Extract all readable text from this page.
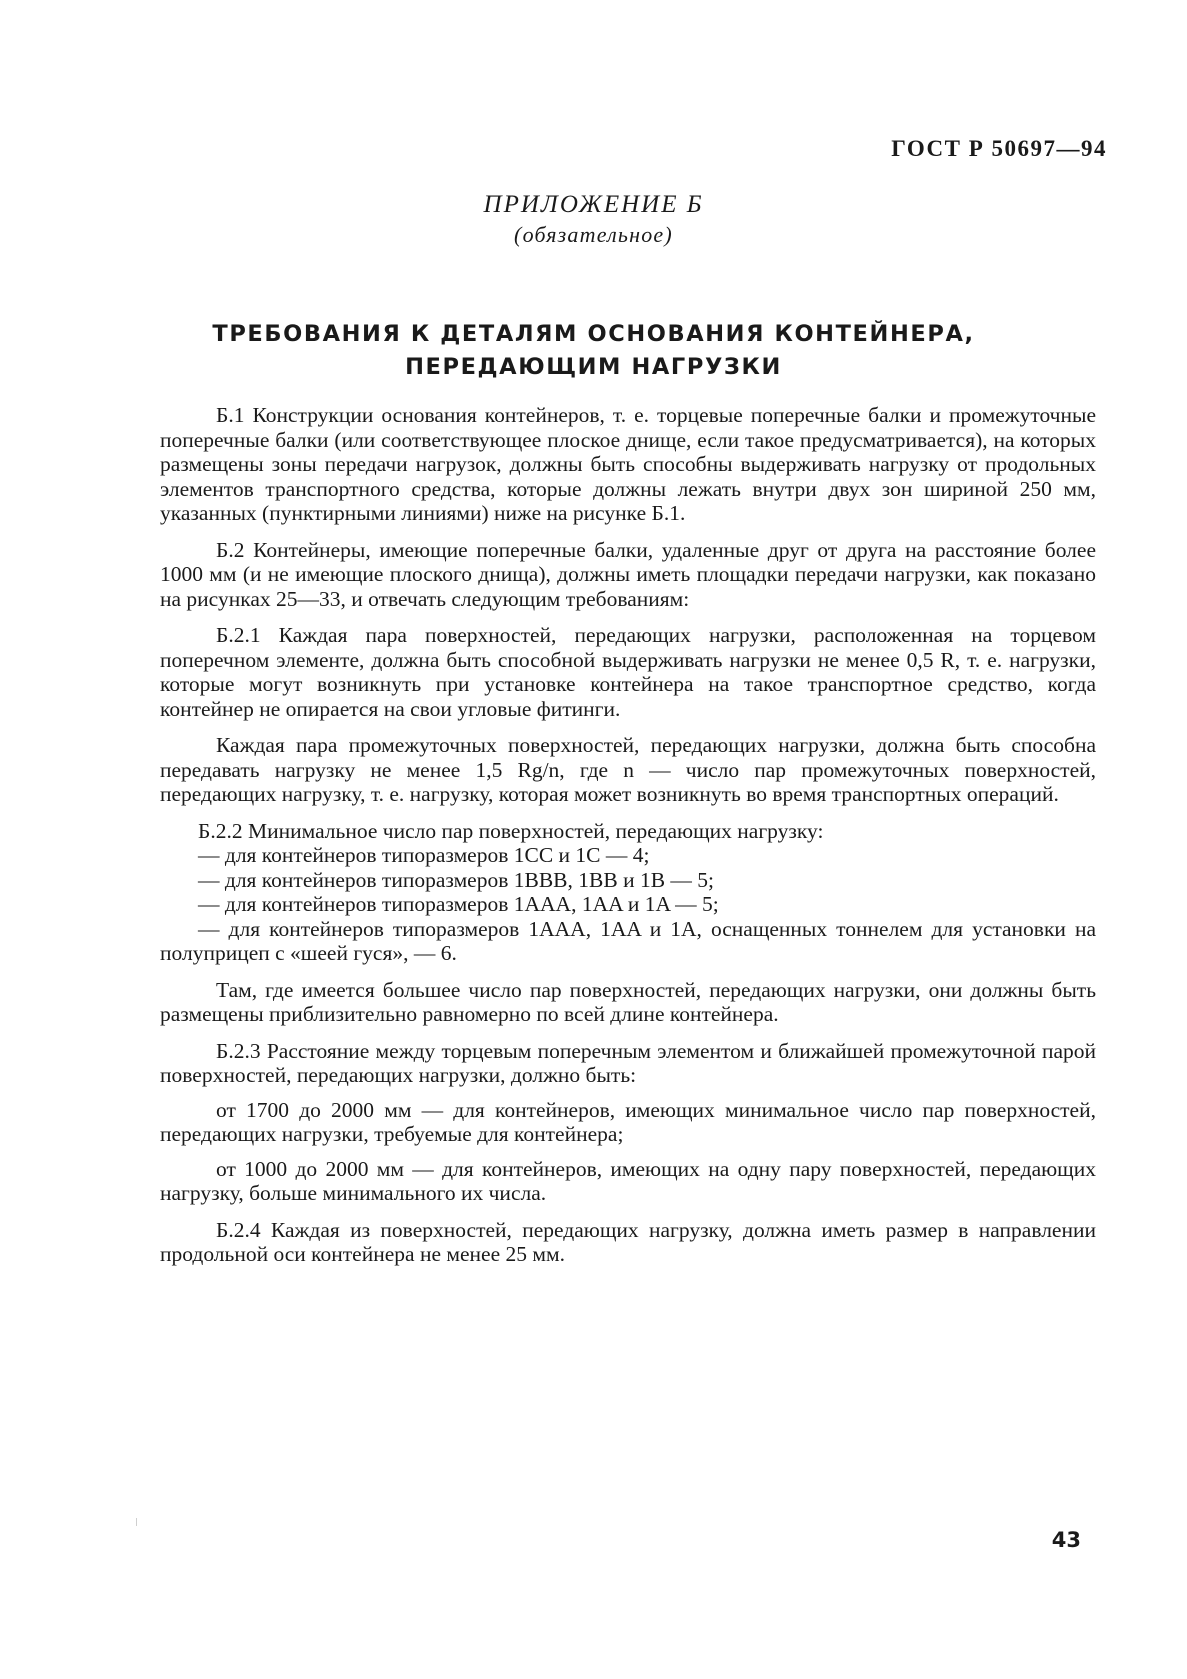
ГОСТ Р 50697—94
ПРИЛОЖЕНИЕ Б
(обязательное)
ТРЕБОВАНИЯ К ДЕТАЛЯМ ОСНОВАНИЯ КОНТЕЙНЕРА,
ПЕРЕДАЮЩИМ НАГРУЗКИ

Б.1 Конструкции основания контейнеров, т. е. торцевые поперечные балки и промежуточные поперечные балки (или соответствующее плоское днище, если такое предусматривается), на которых размещены зоны передачи нагрузок, должны быть способны выдерживать нагрузку от продольных элементов транспортного средства, которые должны лежать внутри двух зон шириной 250 мм, указанных (пунктирными линиями) ниже на рисунке Б.1.

Б.2 Контейнеры, имеющие поперечные балки, удаленные друг от друга на расстояние более 1000 мм (и не имеющие плоского днища), должны иметь площадки передачи нагрузки, как показано на рисунках 25—33, и отвечать следующим требованиям:

Б.2.1 Каждая пара поверхностей, передающих нагрузки, расположенная на торцевом поперечном элементе, должна быть способной выдерживать нагрузки не менее 0,5 R, т. е. нагрузки, которые могут возникнуть при установке контейнера на такое транспортное средство, когда контейнер не опирается на свои угловые фитинги.

Каждая пара промежуточных поверхностей, передающих нагрузки, должна быть способна передавать нагрузку не менее 1,5 Rg/n, где n — число пар промежуточных поверхностей, передающих нагрузку, т. е. нагрузку, которая может возникнуть во время транспортных операций.

Б.2.2 Минимальное число пар поверхностей, передающих нагрузку:

— для контейнеров типоразмеров 1CC и 1C — 4;

— для контейнеров типоразмеров 1BBB, 1BB и 1B — 5;

— для контейнеров типоразмеров 1AAA, 1AA и 1A — 5;

— для контейнеров типоразмеров 1AAA, 1AA и 1A, оснащенных тоннелем для установки на полуприцеп с «шеей гуся», — 6.

Там, где имеется большее число пар поверхностей, передающих нагрузки, они должны быть размещены приблизительно равномерно по всей длине контейнера.

Б.2.3 Расстояние между торцевым поперечным элементом и ближайшей промежуточной парой поверхностей, передающих нагрузки, должно быть:

от 1700 до 2000 мм — для контейнеров, имеющих минимальное число пар поверхностей, передающих нагрузки, требуемые для контейнера;

от 1000 до 2000 мм — для контейнеров, имеющих на одну пару поверхностей, передающих нагрузку, больше минимального их числа.

Б.2.4 Каждая из поверхностей, передающих нагрузку, должна иметь размер в направлении продольной оси контейнера не менее 25 мм.

43
